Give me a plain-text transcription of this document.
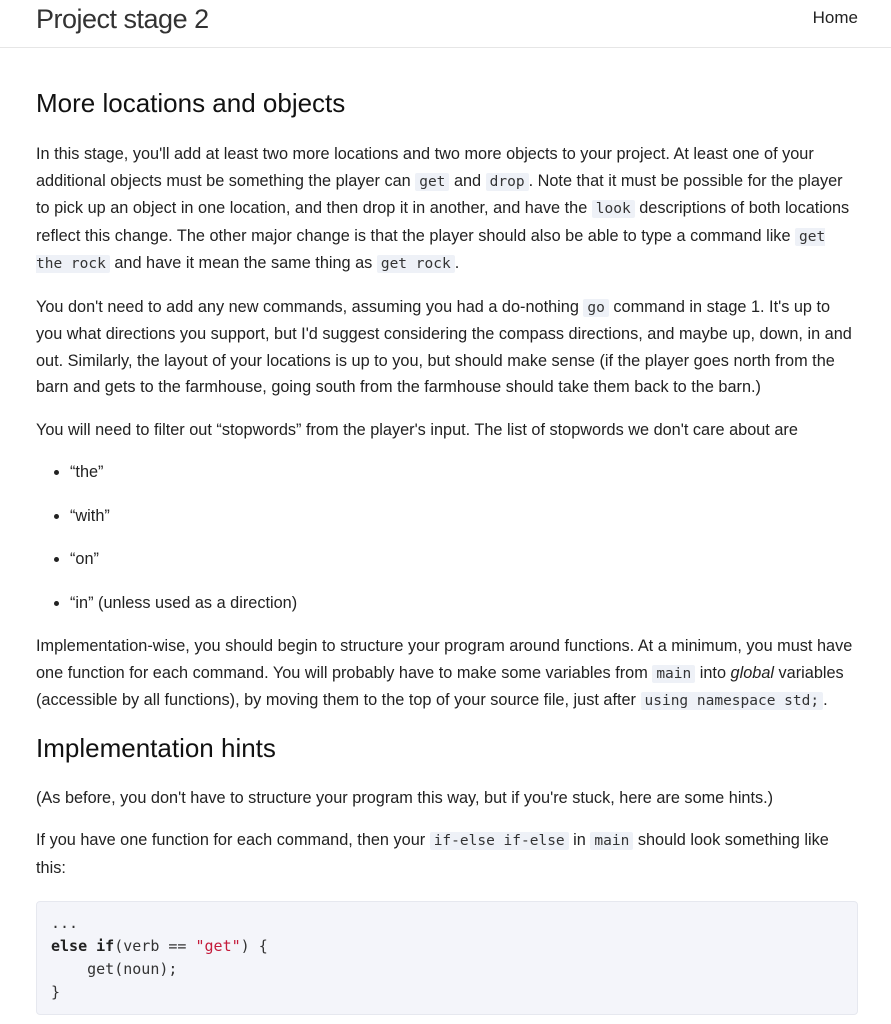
Project stage 2	Home
More locations and objects

In this stage, you'll add at least two more locations and two more objects to your project. At least one of your additional objects must be something the player can get and drop . Note that it must be possible for the player to pick up an object in one location, and then drop it in another, and have the look descriptions of both locations reflect this change. The other major change is that the player should also be able to type a command like get the rock and have it mean the same thing as get rock .

You don't need to add any new commands, assuming you had a do-nothing go command in stage 1. It's up to you what directions you support, but I'd suggest considering the compass directions, and maybe up, down, in and out. Similarly, the layout of your locations is up to you, but should make sense (if the player goes north from the barn and gets to the farmhouse, going south from the farmhouse should take them back to the barn.)

You will need to filter out “stopwords” from the player's input. The list of stopwords we don't care about are

• “the”
• “with”
• “on”
• “in” (unless used as a direction)

Implementation-wise, you should begin to structure your program around functions. At a minimum, you must have one function for each command. You will probably have to make some variables from main into global variables (accessible by all functions), by moving them to the top of your source file, just after using namespace std; .

Implementation hints

(As before, you don't have to structure your program this way, but if you're stuck, here are some hints.)

If you have one function for each command, then your if-else if-else in main should look something like this:

...
else if(verb == "get") {
get(noun);
}
